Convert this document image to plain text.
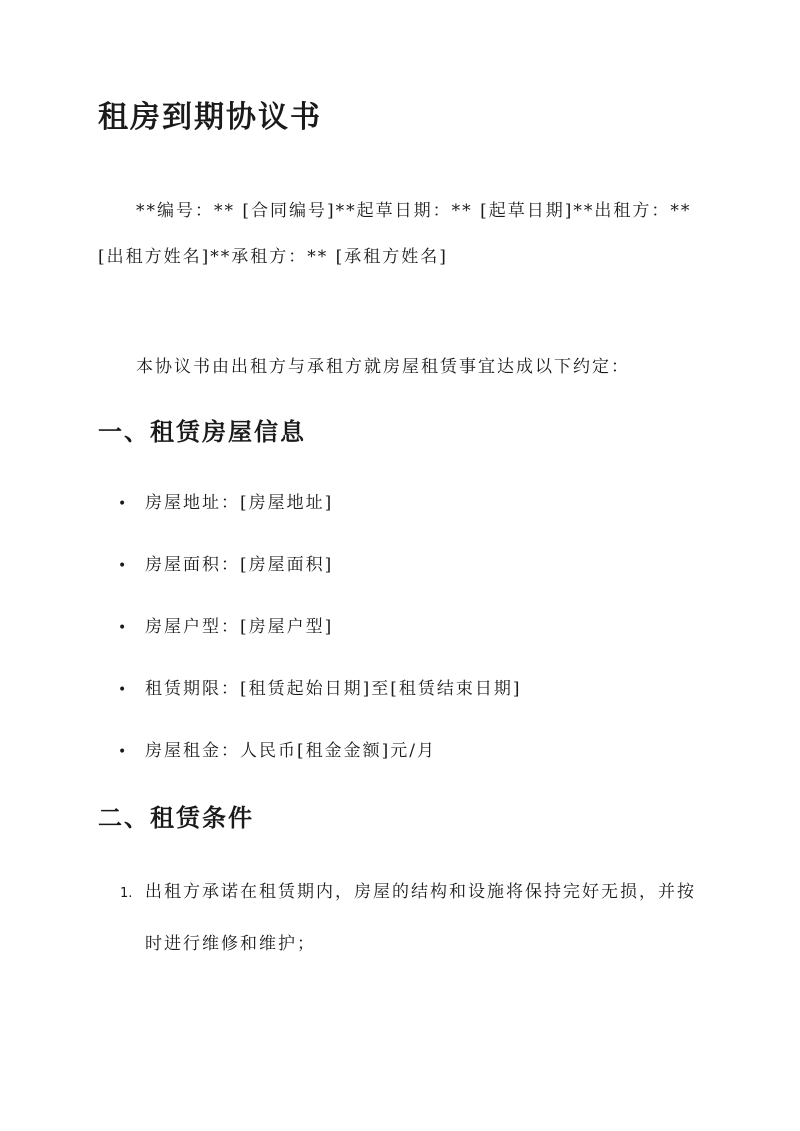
租房到期协议书

**编号：** [合同编号]**起草日期：** [起草日期]**出租方：** [出租方姓名]**承租方：** [承租方姓名]

本协议书由出租方与承租方就房屋租赁事宜达成以下约定：

一、租赁房屋信息
• 房屋地址：[房屋地址]
• 房屋面积：[房屋面积]
• 房屋户型：[房屋户型]
• 租赁期限：[租赁起始日期]至[租赁结束日期]
• 房屋租金：人民币[租金金额]元/月
二、租赁条件
1. 出租方承诺在租赁期内，房屋的结构和设施将保持完好无损，并按时进行维修和维护；
